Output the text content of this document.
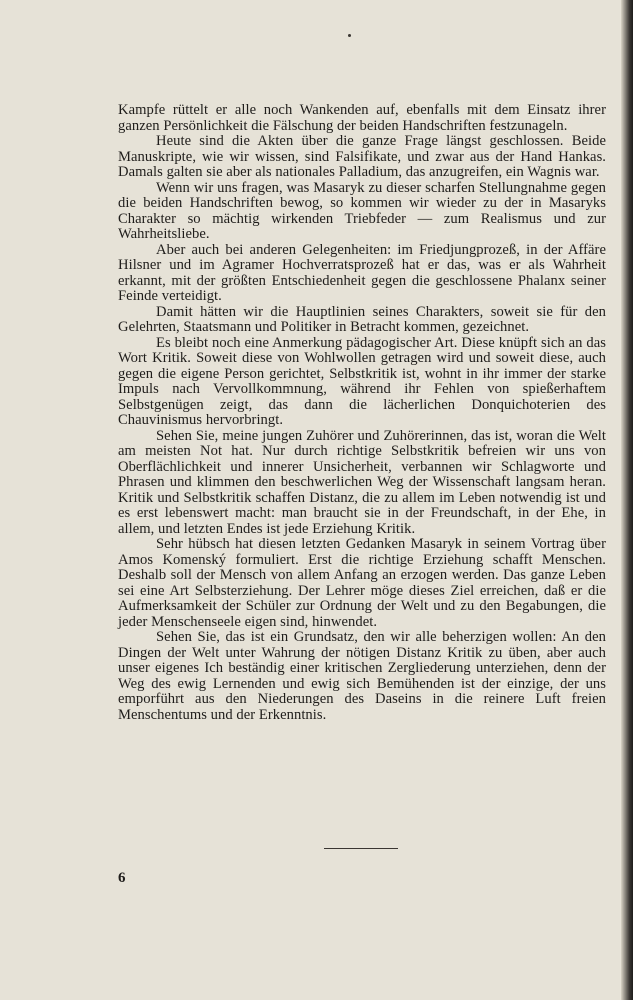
Kampfe rüttelt er alle noch Wankenden auf, ebenfalls mit dem Einsatz ihrer ganzen Persönlichkeit die Fälschung der beiden Handschriften festzunageln.

Heute sind die Akten über die ganze Frage längst geschlossen. Beide Manuskripte, wie wir wissen, sind Falsifikate, und zwar aus der Hand Hankas. Damals galten sie aber als nationales Palladium, das anzugreifen, ein Wagnis war.

Wenn wir uns fragen, was Masaryk zu dieser scharfen Stellungnahme gegen die beiden Handschriften bewog, so kommen wir wieder zu der in Masaryks Charakter so mächtig wirkenden Triebfeder — zum Realismus und zur Wahrheitsliebe.

Aber auch bei anderen Gelegenheiten: im Friedjungprozeß, in der Affäre Hilsner und im Agramer Hochverratsprozeß hat er das, was er als Wahrheit erkannt, mit der größten Entschiedenheit gegen die geschlossene Phalanx seiner Feinde verteidigt.

Damit hätten wir die Hauptlinien seines Charakters, soweit sie für den Gelehrten, Staatsmann und Politiker in Betracht kommen, gezeichnet.

Es bleibt noch eine Anmerkung pädagogischer Art. Diese knüpft sich an das Wort Kritik. Soweit diese von Wohlwollen getragen wird und soweit diese, auch gegen die eigene Person gerichtet, Selbstkritik ist, wohnt in ihr immer der starke Impuls nach Vervollkommnung, während ihr Fehlen von spießerhaftem Selbstgenügen zeigt, das dann die lächerlichen Donquichoterien des Chauvinismus hervorbringt.

Sehen Sie, meine jungen Zuhörer und Zuhörerinnen, das ist, woran die Welt am meisten Not hat. Nur durch richtige Selbstkritik befreien wir uns von Oberflächlichkeit und innerer Unsicherheit, verbannen wir Schlagworte und Phrasen und klimmen den beschwerlichen Weg der Wissenschaft langsam heran. Kritik und Selbstkritik schaffen Distanz, die zu allem im Leben notwendig ist und es erst lebenswert macht: man braucht sie in der Freundschaft, in der Ehe, in allem, und letzten Endes ist jede Erziehung Kritik.

Sehr hübsch hat diesen letzten Gedanken Masaryk in seinem Vortrag über Amos Komenský formuliert. Erst die richtige Erziehung schafft Menschen. Deshalb soll der Mensch von allem Anfang an erzogen werden. Das ganze Leben sei eine Art Selbsterziehung. Der Lehrer möge dieses Ziel erreichen, daß er die Aufmerksamkeit der Schüler zur Ordnung der Welt und zu den Begabungen, die jeder Menschenseele eigen sind, hinwendet.

Sehen Sie, das ist ein Grundsatz, den wir alle beherzigen wollen: An den Dingen der Welt unter Wahrung der nötigen Distanz Kritik zu üben, aber auch unser eigenes Ich beständig einer kritischen Zergliederung unterziehen, denn der Weg des ewig Lernenden und ewig sich Bemühenden ist der einzige, der uns emporführt aus den Niederungen des Daseins in die reinere Luft freien Menschentums und der Erkenntnis.

6
